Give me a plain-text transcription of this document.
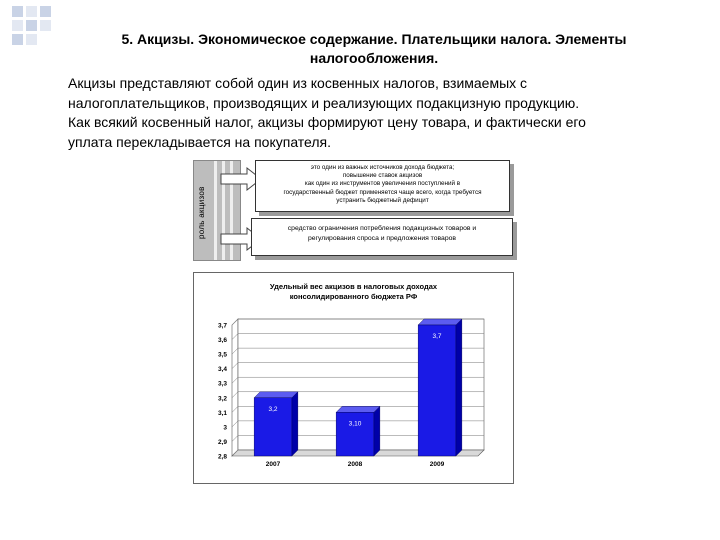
5. Акцизы. Экономическое содержание. Плательщики налога. Элементы
налогообложения.
Акцизы представляют собой один из косвенных налогов, взимаемых с
налогоплательщиков, производящих и реализующих подакцизную продукцию.
Как всякий косвенный налог, акцизы формируют цену товара, и фактически его
уплата перекладывается на покупателя.
роль акцизов
это один из важных источников дохода бюджета;
повышение ставок акцизов
как один из инструментов увеличения поступлений в
государственный бюджет применяется чаще всего, когда требуется
устранить бюджетный дефицит
средство ограничения потребления подакцизных товаров и
регулирования спроса и предложения товаров
Удельный вес акцизов в налоговых доходах
консолидированного бюджета РФ
2,8
2,9
3
3,1
3,2
3,3
3,4
3,5
3,6
3,7
3,2
2007
3,10
2008
3,7
2009
